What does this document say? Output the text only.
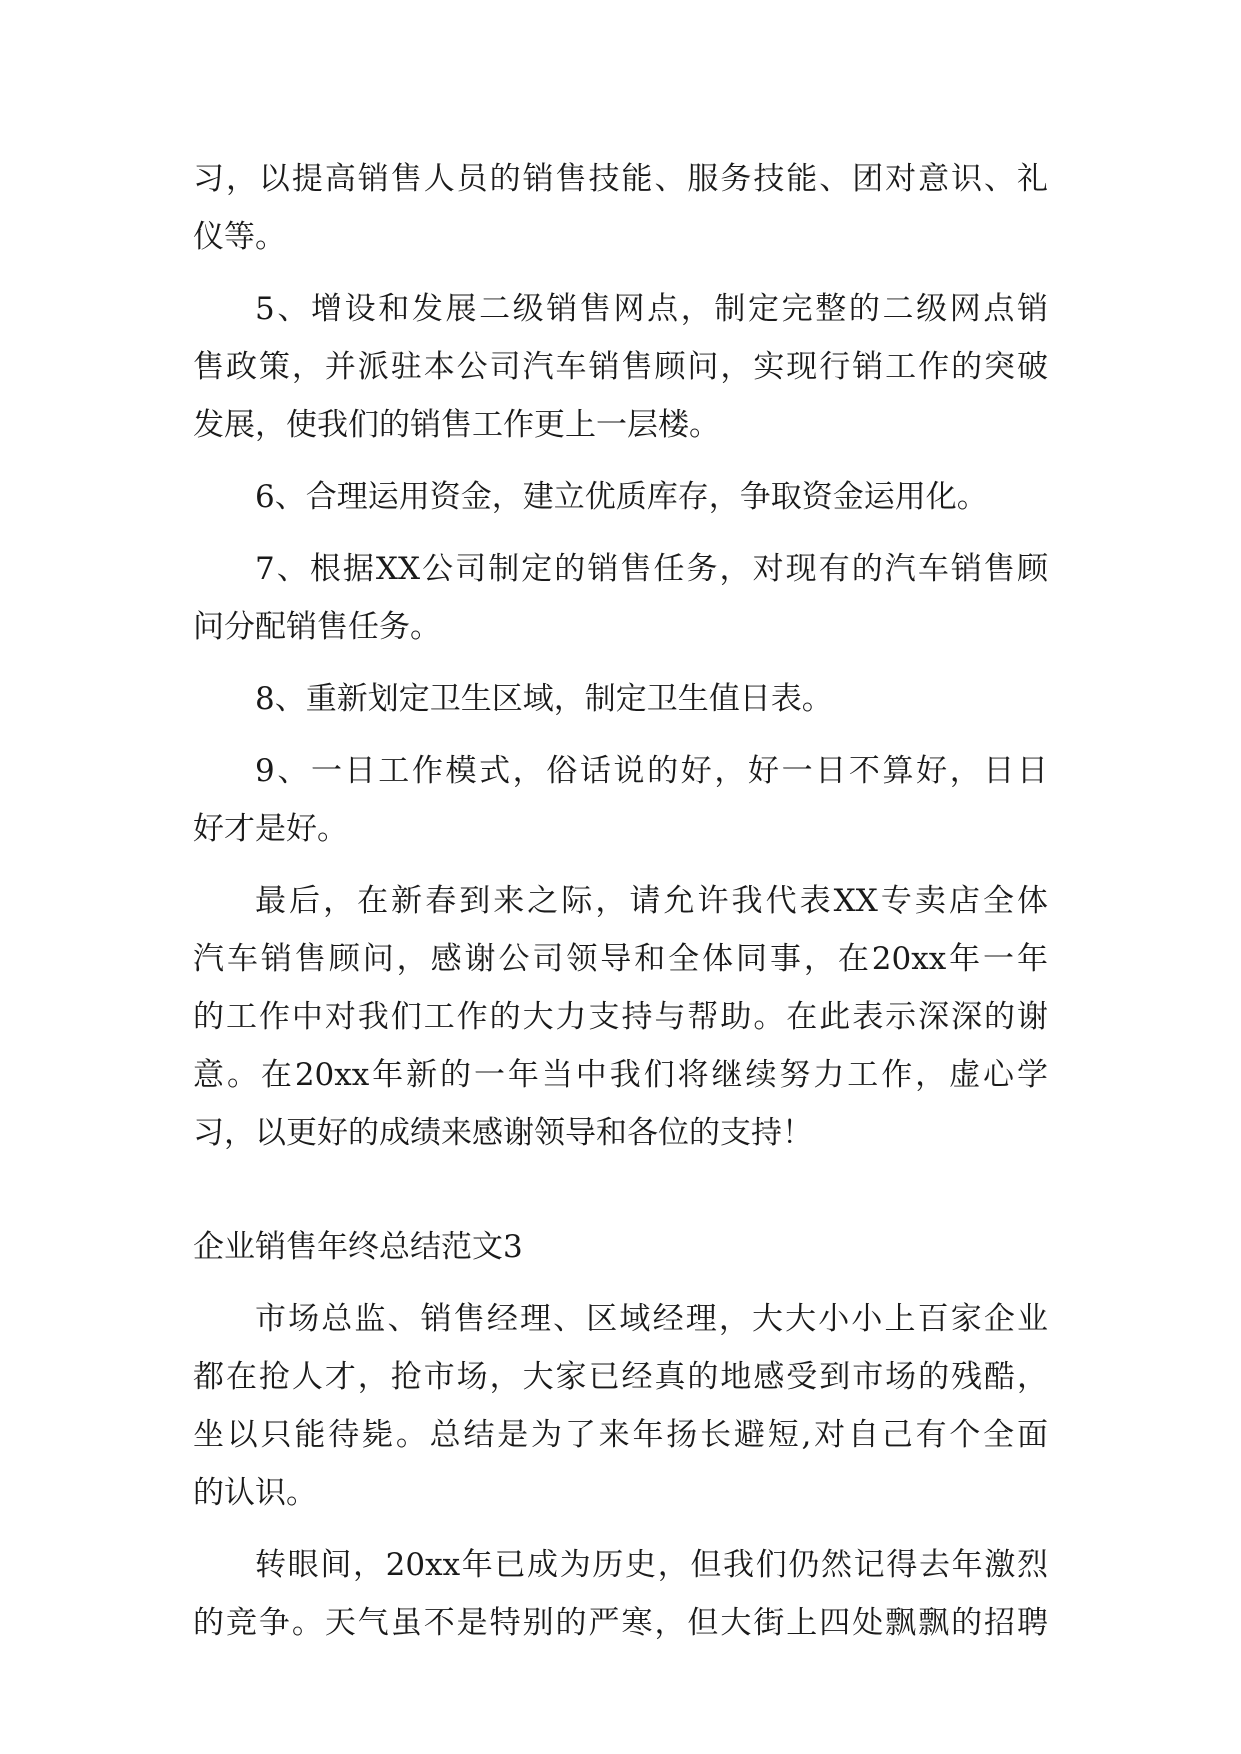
习，以提高销售人员的销售技能、服务技能、团对意识、礼
仪等。
5、增设和发展二级销售网点，制定完整的二级网点销
售政策，并派驻本公司汽车销售顾问，实现行销工作的突破
发展，使我们的销售工作更上一层楼。
6、合理运用资金，建立优质库存，争取资金运用化。
7、根据XX公司制定的销售任务，对现有的汽车销售顾
问分配销售任务。
8、重新划定卫生区域，制定卫生值日表。
9、一日工作模式，俗话说的好，好一日不算好，日日
好才是好。
最后，在新春到来之际，请允许我代表XX专卖店全体
汽车销售顾问，感谢公司领导和全体同事，在20xx年一年
的工作中对我们工作的大力支持与帮助。在此表示深深的谢
意。在20xx年新的一年当中我们将继续努力工作，虚心学
习，以更好的成绩来感谢领导和各位的支持！
企业销售年终总结范文3
市场总监、销售经理、区域经理，大大小小上百家企业
都在抢人才，抢市场，大家已经真的地感受到市场的残酷，
坐以只能待毙。总结是为了来年扬长避短,对自己有个全面
的认识。
转眼间，20xx年已成为历史，但我们仍然记得去年激烈
的竞争。天气虽不是特别的严寒，但大街上四处飘飘的招聘
